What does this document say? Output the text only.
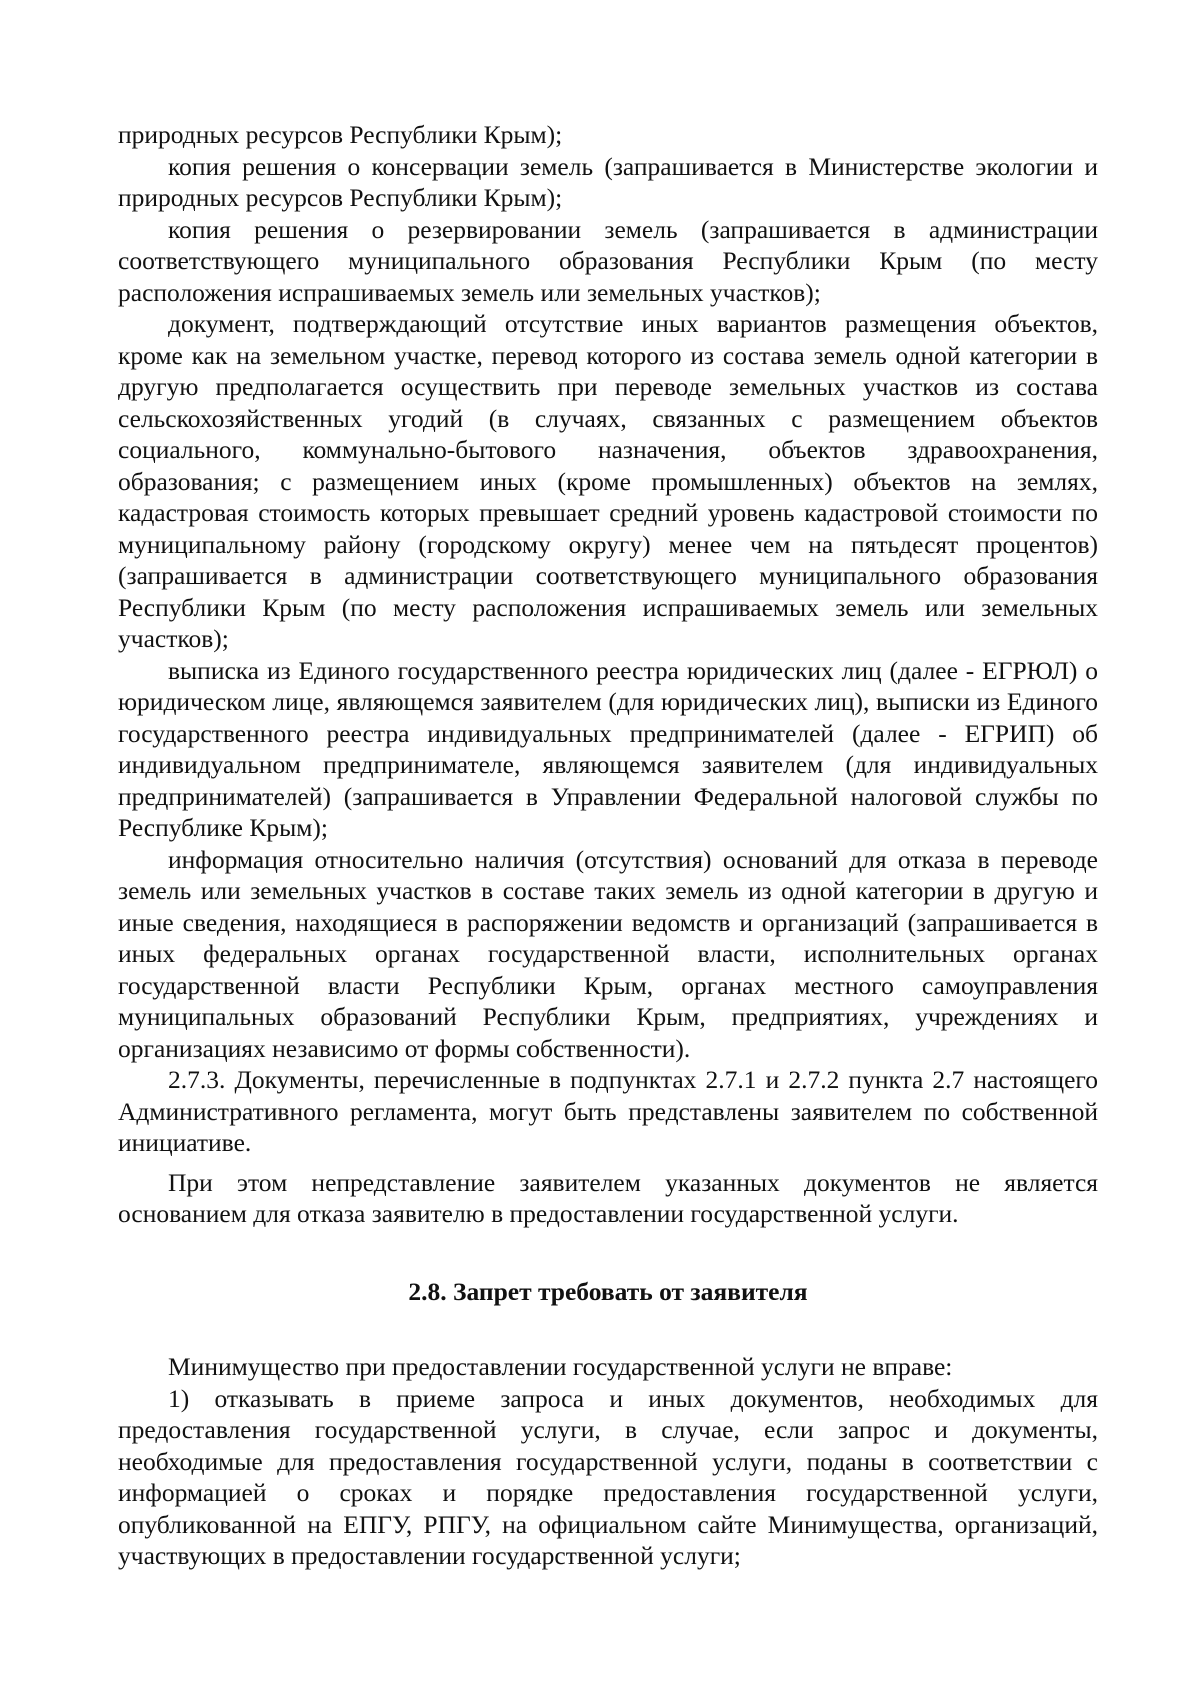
природных ресурсов Республики Крым);

копия решения о консервации земель (запрашивается в Министерстве экологии и природных ресурсов Республики Крым);

копия решения о резервировании земель (запрашивается в администрации соответствующего муниципального образования Республики Крым (по месту расположения испрашиваемых земель или земельных участков);

документ, подтверждающий отсутствие иных вариантов размещения объектов, кроме как на земельном участке, перевод которого из состава земель одной категории в другую предполагается осуществить при переводе земельных участков из состава сельскохозяйственных угодий (в случаях, связанных с размещением объектов социального, коммунально-бытового назначения, объектов здравоохранения, образования; с размещением иных (кроме промышленных) объектов на землях, кадастровая стоимость которых превышает средний уровень кадастровой стоимости по муниципальному району (городскому округу) менее чем на пятьдесят процентов) (запрашивается в администрации соответствующего муниципального образования Республики Крым (по месту расположения испрашиваемых земель или земельных участков);

выписка из Единого государственного реестра юридических лиц (далее - ЕГРЮЛ) о юридическом лице, являющемся заявителем (для юридических лиц), выписки из Единого государственного реестра индивидуальных предпринимателей (далее - ЕГРИП) об индивидуальном предпринимателе, являющемся заявителем (для индивидуальных предпринимателей) (запрашивается в Управлении Федеральной налоговой службы по Республике Крым);

информация относительно наличия (отсутствия) оснований для отказа в переводе земель или земельных участков в составе таких земель из одной категории в другую и иные сведения, находящиеся в распоряжении ведомств и организаций (запрашивается в иных федеральных органах государственной власти, исполнительных органах государственной власти Республики Крым, органах местного самоуправления муниципальных образований Республики Крым, предприятиях, учреждениях и организациях независимо от формы собственности).

2.7.3. Документы, перечисленные в подпунктах 2.7.1 и 2.7.2 пункта 2.7 настоящего Административного регламента, могут быть представлены заявителем по собственной инициативе.

При этом непредставление заявителем указанных документов не является основанием для отказа заявителю в предоставлении государственной услуги.

2.8. Запрет требовать от заявителя

Минимущество при предоставлении государственной услуги не вправе:

1) отказывать в приеме запроса и иных документов, необходимых для предоставления государственной услуги, в случае, если запрос и документы, необходимые для предоставления государственной услуги, поданы в соответствии с информацией о сроках и порядке предоставления государственной услуги, опубликованной на ЕПГУ, РПГУ, на официальном сайте Минимущества, организаций, участвующих в предоставлении государственной услуги;
